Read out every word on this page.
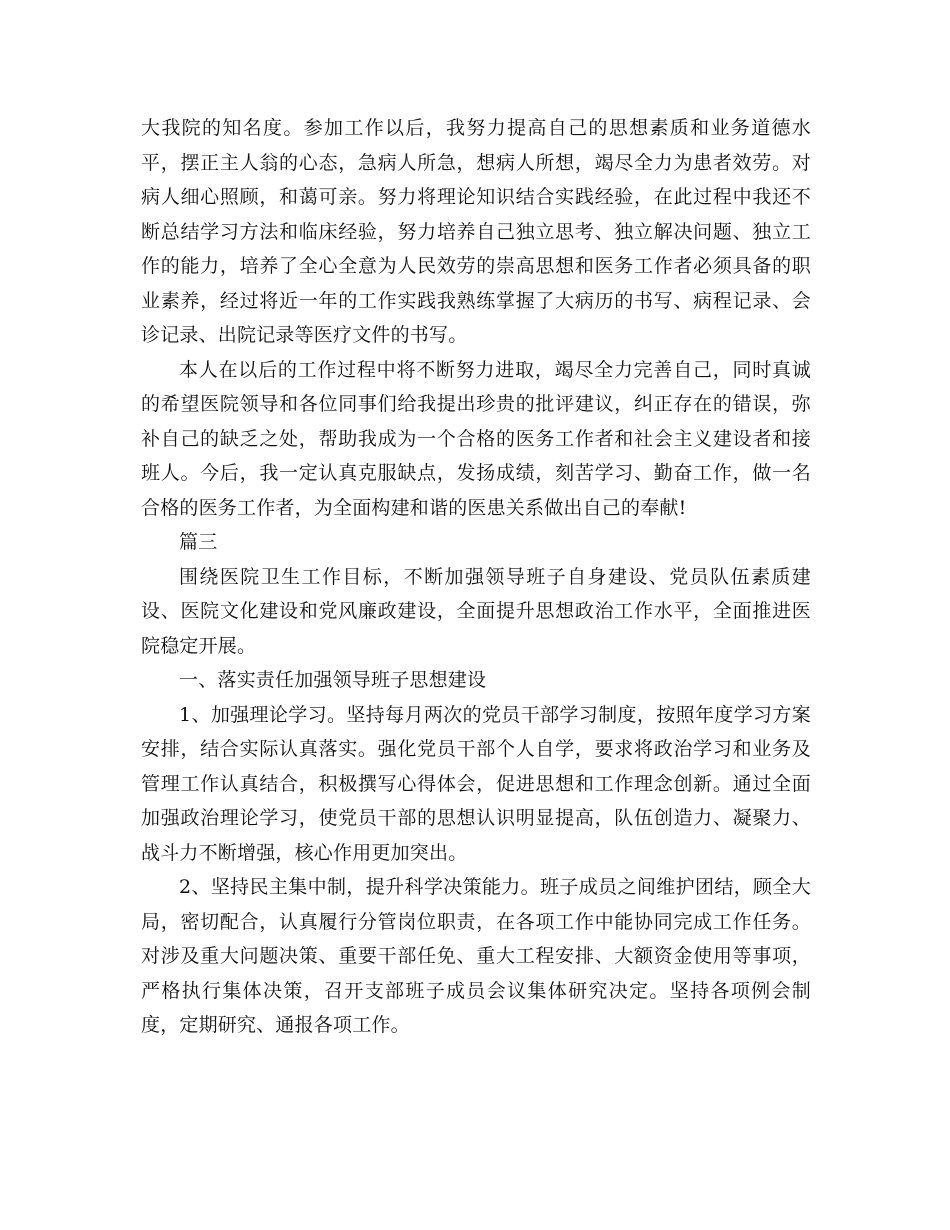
大我院的知名度。参加工作以后，我努力提高自己的思想素质和业务道德水平，摆正主人翁的心态，急病人所急，想病人所想，竭尽全力为患者效劳。对病人细心照顾，和蔼可亲。努力将理论知识结合实践经验，在此过程中我还不断总结学习方法和临床经验，努力培养自己独立思考、独立解决问题、独立工作的能力，培养了全心全意为人民效劳的崇高思想和医务工作者必须具备的职业素养，经过将近一年的工作实践我熟练掌握了大病历的书写、病程记录、会诊记录、出院记录等医疗文件的书写。

本人在以后的工作过程中将不断努力进取，竭尽全力完善自己，同时真诚的希望医院领导和各位同事们给我提出珍贵的批评建议，纠正存在的错误，弥补自己的缺乏之处，帮助我成为一个合格的医务工作者和社会主义建设者和接班人。今后，我一定认真克服缺点，发扬成绩，刻苦学习、勤奋工作，做一名合格的医务工作者，为全面构建和谐的医患关系做出自己的奉献!

篇三

围绕医院卫生工作目标，不断加强领导班子自身建设、党员队伍素质建设、医院文化建设和党风廉政建设，全面提升思想政治工作水平，全面推进医院稳定开展。

一、落实责任加强领导班子思想建设

1、加强理论学习。坚持每月两次的党员干部学习制度，按照年度学习方案安排，结合实际认真落实。强化党员干部个人自学，要求将政治学习和业务及管理工作认真结合，积极撰写心得体会，促进思想和工作理念创新。通过全面加强政治理论学习，使党员干部的思想认识明显提高，队伍创造力、凝聚力、战斗力不断增强，核心作用更加突出。

2、坚持民主集中制，提升科学决策能力。班子成员之间维护团结，顾全大局，密切配合，认真履行分管岗位职责，在各项工作中能协同完成工作任务。对涉及重大问题决策、重要干部任免、重大工程安排、大额资金使用等事项，严格执行集体决策，召开支部班子成员会议集体研究决定。坚持各项例会制度，定期研究、通报各项工作。
